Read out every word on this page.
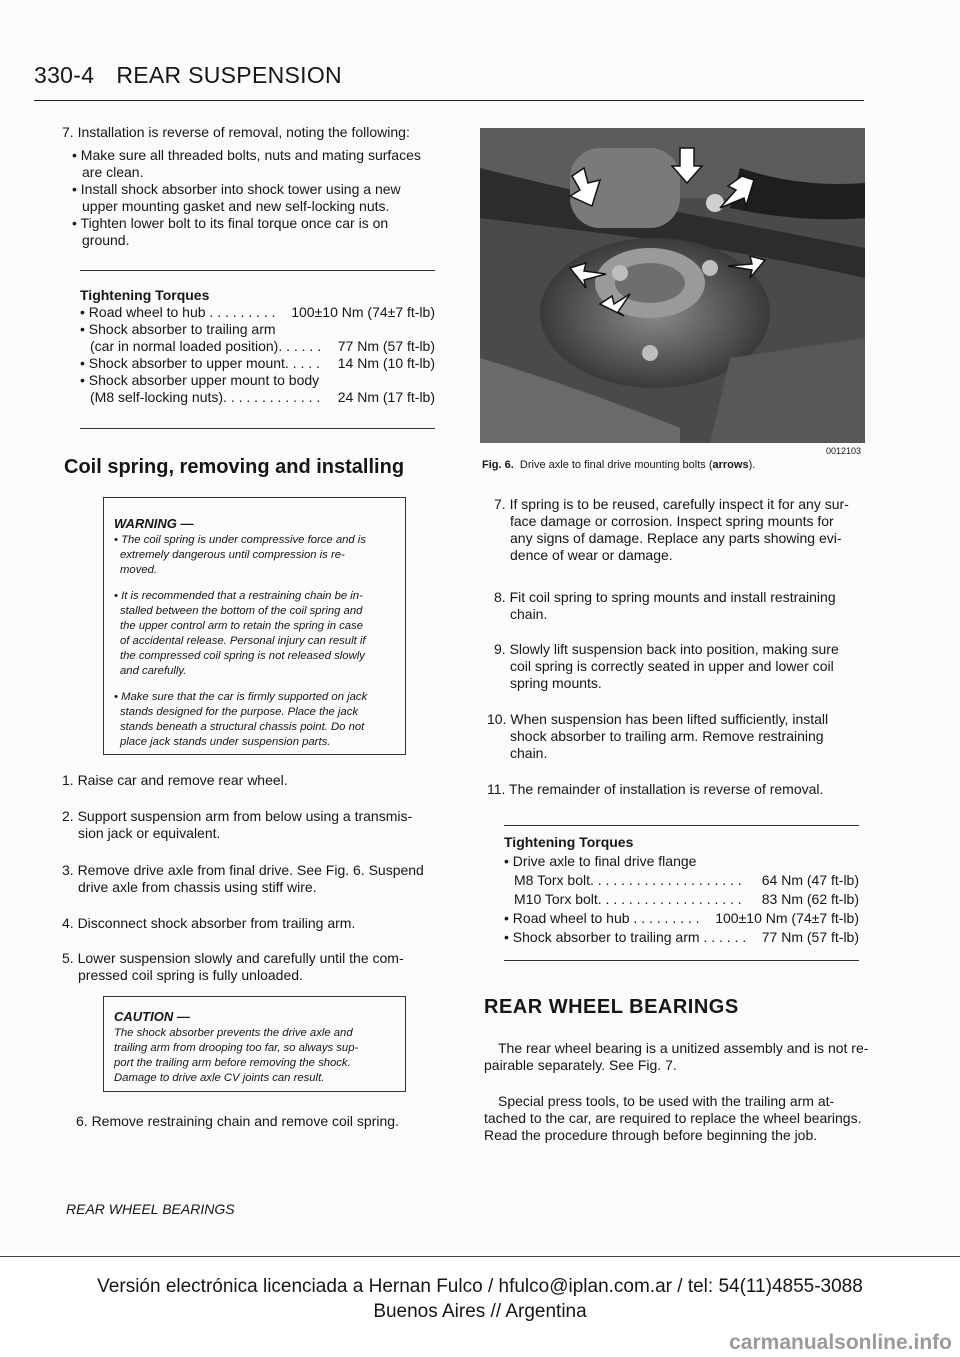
330-4 REAR SUSPENSION
7. Installation is reverse of removal, noting the following:
• Make sure all threaded bolts, nuts and mating surfaces
are clean.
• Install shock absorber into shock tower using a new
upper mounting gasket and new self-locking nuts.
• Tighten lower bolt to its final torque once car is on
ground.
Tightening Torques
• Road wheel to hub . . . . . . . . . 100±10 Nm (74±7 ft-lb)
• Shock absorber to trailing arm
(car in normal loaded position). . . . . . 77 Nm (57 ft-lb)
• Shock absorber to upper mount. . . . . 14 Nm (10 ft-lb)
• Shock absorber upper mount to body
(M8 self-locking nuts). . . . . . . . . . . . . 24 Nm (17 ft-lb)
0012103
Fig. 6. Drive axle to final drive mounting bolts (arrows).
Coil spring, removing and installing
WARNING —
• The coil spring is under compressive force and is
extremely dangerous until compression is re-
moved.
• It is recommended that a restraining chain be in-
stalled between the bottom of the coil spring and
the upper control arm to retain the spring in case
of accidental release. Personal injury can result if
the compressed coil spring is not released slowly
and carefully.
• Make sure that the car is firmly supported on jack
stands designed for the purpose. Place the jack
stands beneath a structural chassis point. Do not
place jack stands under suspension parts.
1. Raise car and remove rear wheel.
2. Support suspension arm from below using a transmis-
sion jack or equivalent.
3. Remove drive axle from final drive. See Fig. 6. Suspend
drive axle from chassis using stiff wire.
4. Disconnect shock absorber from trailing arm.
5. Lower suspension slowly and carefully until the com-
pressed coil spring is fully unloaded.
CAUTION —
The shock absorber prevents the drive axle and
trailing arm from drooping too far, so always sup-
port the trailing arm before removing the shock.
Damage to drive axle CV joints can result.
6. Remove restraining chain and remove coil spring.
7. If spring is to be reused, carefully inspect it for any sur-
face damage or corrosion. Inspect spring mounts for
any signs of damage. Replace any parts showing evi-
dence of wear or damage.
8. Fit coil spring to spring mounts and install restraining
chain.
9. Slowly lift suspension back into position, making sure
coil spring is correctly seated in upper and lower coil
spring mounts.
10. When suspension has been lifted sufficiently, install
shock absorber to trailing arm. Remove restraining
chain.
11. The remainder of installation is reverse of removal.
Tightening Torques
• Drive axle to final drive flange
M8 Torx bolt. . . . . . . . . . . . . . . . . . . . 64 Nm (47 ft-lb)
M10 Torx bolt. . . . . . . . . . . . . . . . . . . 83 Nm (62 ft-lb)
• Road wheel to hub . . . . . . . . . 100±10 Nm (74±7 ft-lb)
• Shock absorber to trailing arm . . . . . . 77 Nm (57 ft-lb)
REAR WHEEL BEARINGS
The rear wheel bearing is a unitized assembly and is not re-
pairable separately. See Fig. 7.
Special press tools, to be used with the trailing arm at-
tached to the car, are required to replace the wheel bearings.
Read the procedure through before beginning the job.
REAR WHEEL BEARINGS
Versión electrónica licenciada a Hernan Fulco / hfulco@iplan.com.ar / tel: 54(11)4855-3088
Buenos Aires // Argentina
carmanualsonline.info
